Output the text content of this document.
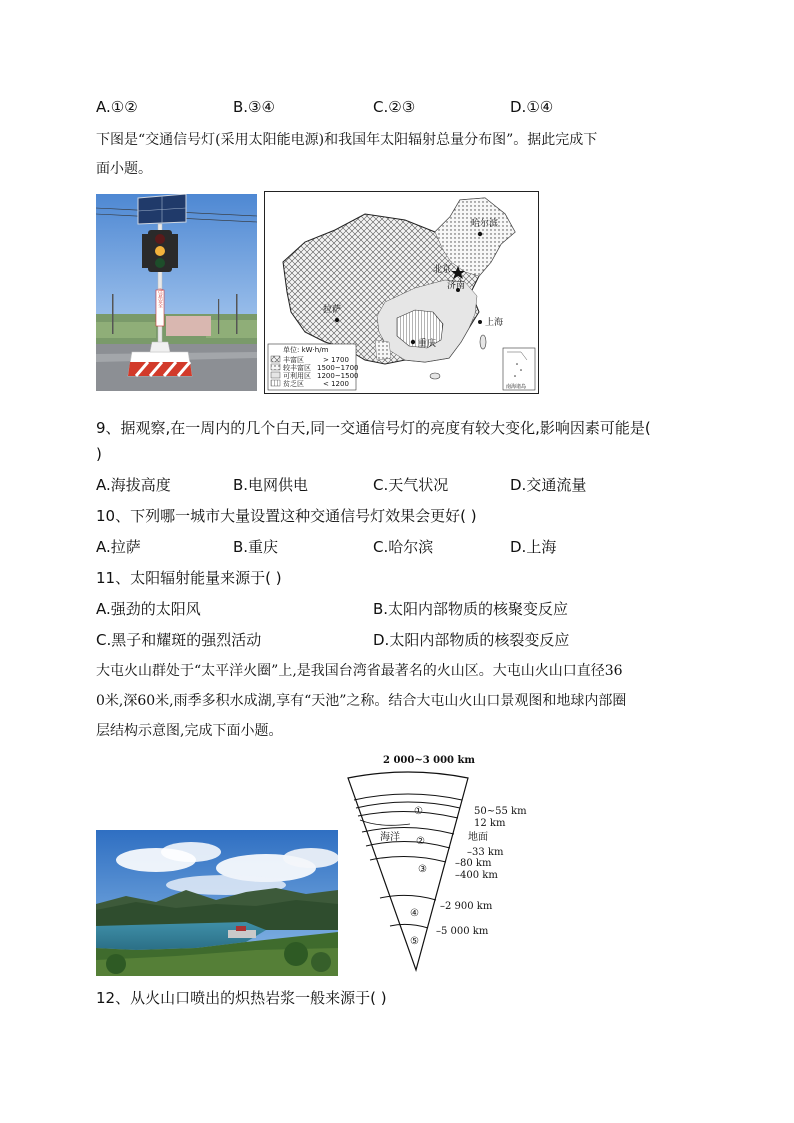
A.①②	B.③④	C.②③	D.①④
下图是“交通信号灯(采用太阳能电源)和我国年太阳辐射总量分布图”。据此完成下
面小题。
注意安全
哈尔滨
北京
济南
拉萨
上海
重庆
单位: kW·h/m
丰富区	> 1700
较丰富区 1500~1700
可利用区 1200~1500
贫乏区	< 1200	南海诸岛
9、据观察,在一周内的几个白天,同一交通信号灯的亮度有较大变化,影响因素可能是(
)
A.海拔高度	B.电网供电	C.天气状况	D.交通流量
10、下列哪一城市大量设置这种交通信号灯效果会更好( )
A.拉萨	B.重庆	C.哈尔滨	D.上海
11、太阳辐射能量来源于( )
A.强劲的太阳风	B.太阳内部物质的核聚变反应
C.黑子和耀斑的强烈活动	D.太阳内部物质的核裂变反应
大屯火山群处于“太平洋火圈”上,是我国台湾省最著名的火山区。大屯山火山口直径36
0米,深60米,雨季多积水成湖,享有“天池”之称。结合大屯山火山口景观图和地球内部圈
层结构示意图,完成下面小题。
2 000~3 000 km
①
②
③
④
⑤
海洋	地面
50~55 km
12 km
–33 km
–80 km
–400 km
–2 900 km
–5 000 km
12、从火山口喷出的炽热岩浆一般来源于( )
